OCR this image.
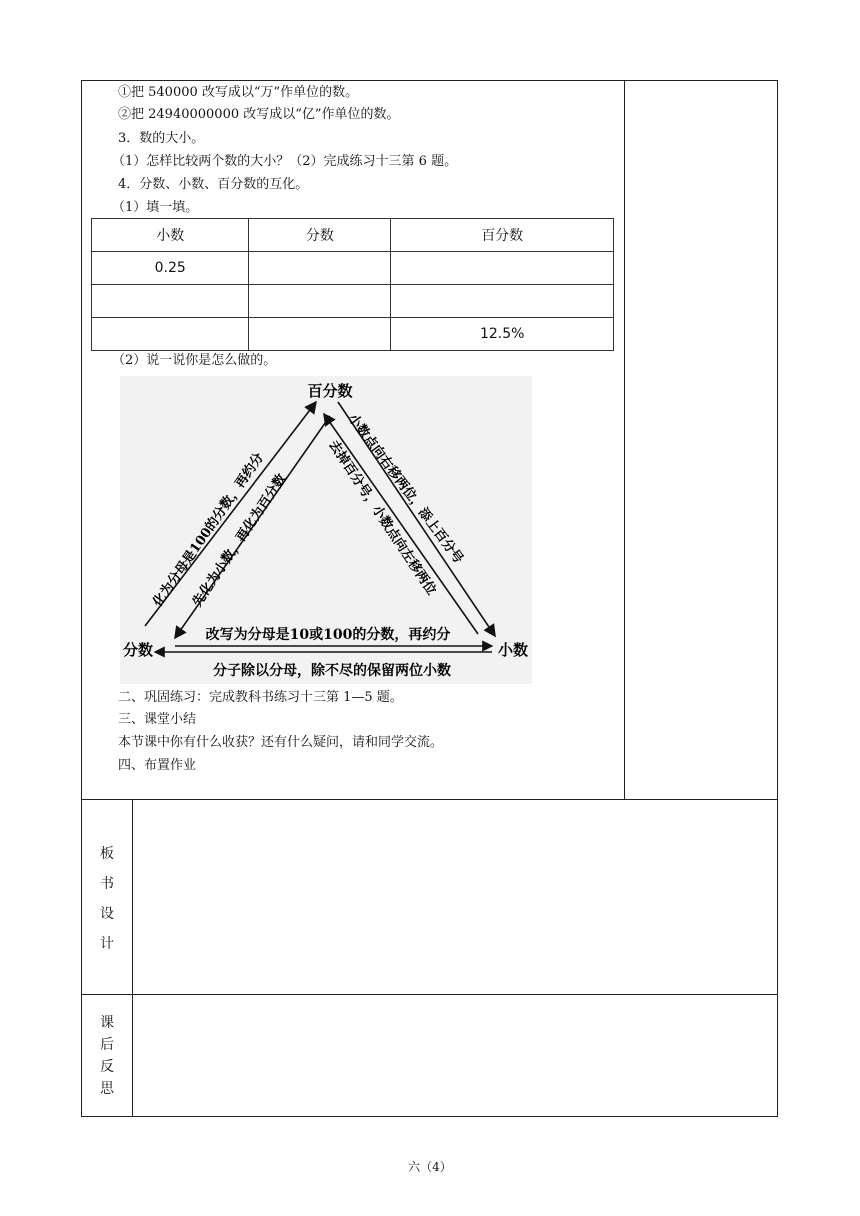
①把 540000 改写成以“万”作单位的数。
②把 24940000000 改写成以“亿”作单位的数。
3．数的大小。
（1）怎样比较两个数的大小？（2）完成练习十三第 6 题。
4．分数、小数、百分数的互化。
（1）填一填。
小数	分数	百分数
0.25		

		12.5%
（2）说一说你是怎么做的。
百分数
分数	小数
化为分母是100的分数，再约分
先化为小数，再化为百分数
小数点向右移两位，添上百分号
去掉百分号，小数点向左移两位
改写为分母是10或100的分数，再约分
分子除以分母，除不尽的保留两位小数
二、巩固练习：完成教科书练习十三第 1—5 题。
三、课堂小结
本节课中你有什么收获？还有什么疑问，请和同学交流。
四、布置作业
板
书
设
计
课
后
反
思
六（4）
